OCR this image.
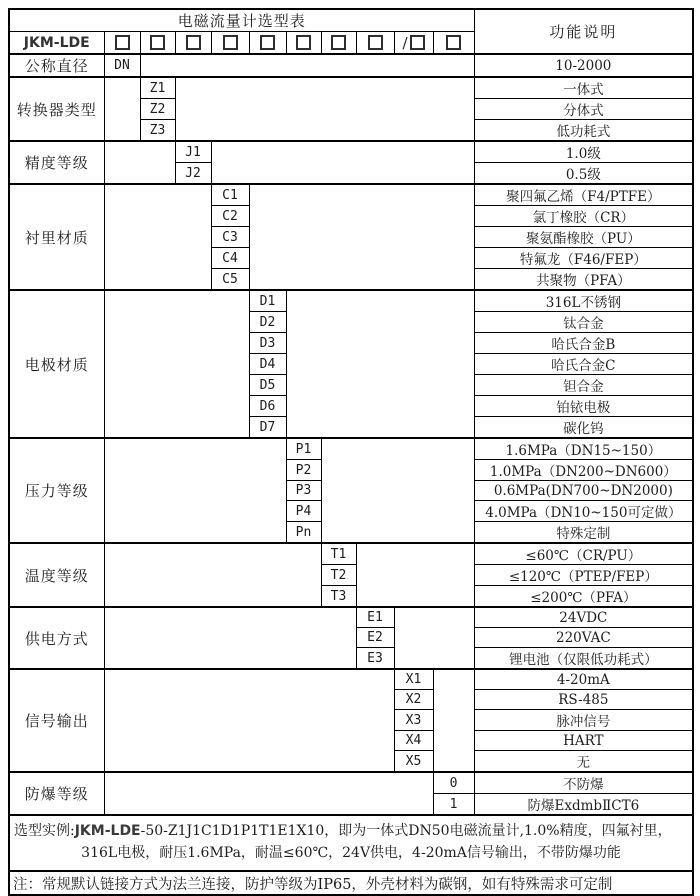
电磁流量计选型表											功能说明
JKM-LDE									/		
公称直径	DN										10-2000
转换器类型		Z1									一体式
		Z2									分体式
		Z3									低功耗式
精度等级			J1								1.0级
			J2								0.5级
衬里材质				C1							聚四氟乙烯（F4/PTFE）
				C2							氯丁橡胶（CR）
				C3							聚氨酯橡胶（PU）
				C4							特氟龙（F46/FEP）
				C5							共聚物（PFA）
电极材质					D1						316L不锈钢
					D2						钛合金
					D3						哈氏合金B
					D4						哈氏合金C
					D5						钽合金
					D6						铂铱电极
					D7						碳化钨
压力等级						P1					1.6MPa（DN15~150）
						P2					1.0MPa（DN200~DN600）
						P3					0.6MPa(DN700~DN2000)
						P4					4.0MPa（DN10~150可定做）
						Pn					特殊定制
温度等级							T1				≤60℃（CR/PU）
							T2				≤120℃（PTEP/FEP）
							T3				≤200℃（PFA）
供电方式								E1			24VDC
								E2			220VAC
								E3			锂电池（仅限低功耗式）
信号输出									X1		4-20mA
									X2		RS-485
									X3		脉冲信号
									X4		HART
									X5		无
防爆等级										0	不防爆
										1	防爆ExdmbⅡCT6

选型实例:JKM-LDE-50-Z1J1C1D1P1T1E1X10，即为一体式DN50电磁流量计,1.0%精度，四氟衬里，
316L电极，耐压1.6MPa，耐温≤60℃，24V供电，4-20mA信号输出，不带防爆功能											

注：常规默认链接方式为法兰连接，防护等级为IP65，外壳材料为碳钢，如有特殊需求可定制											
